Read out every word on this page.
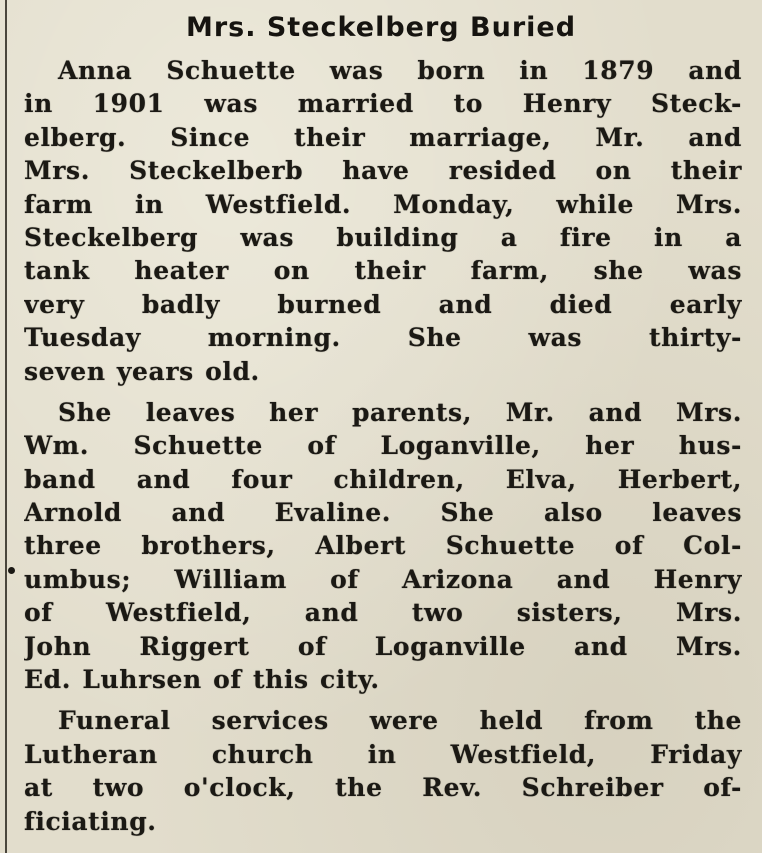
Mrs. Steckelberg Buried
Anna Schuette was born in 1879 and
in 1901 was married to Henry Steck-
elberg. Since their marriage, Mr. and
Mrs. Steckelberb have resided on their
farm in Westfield. Monday, while Mrs.
Steckelberg was building a fire in a
tank heater on their farm, she was
very badly burned and died early
Tuesday morning. She was thirty-
seven years old.
She leaves her parents, Mr. and Mrs.
Wm. Schuette of Loganville, her hus-
band and four children, Elva, Herbert,
Arnold and Evaline. She also leaves
three brothers, Albert Schuette of Col-
umbus; William of Arizona and Henry
of Westfield, and two sisters, Mrs.
John Riggert of Loganville and Mrs.
Ed. Luhrsen of this city.
Funeral services were held from the
Lutheran church in Westfield, Friday
at two o'clock, the Rev. Schreiber of-
ficiating.
